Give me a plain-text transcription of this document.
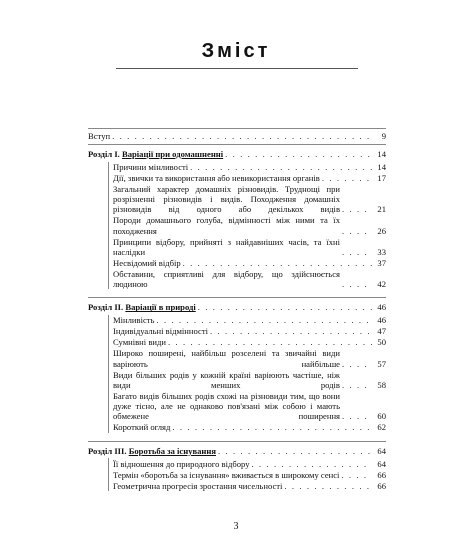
Зміст
Вступ . . .	9
Розділ I. Варіації при одомашненні . . .	14
Причини мінливості . . .	14
Дії, звички та використання або невикористання органів . . .	17
Загальний характер домашніх різновидів. Труднощі при розрізненні різновидів і видів. Походження домашніх різновидів від одного або декількох видів . . .	21
Породи домашнього голуба, відмінності між ними та їх походження . . .	26
Принципи відбору, прийняті з найдавніших часів, та їхні наслідки . . .	33
Несвідомий відбір . . .	37
Обставини, сприятливі для відбору, що здійснюється людиною . . .	42
Розділ II. Варіації в природі . . .	46
Мінливість . . .	46
Індивідуальні відмінності . . .	47
Сумнівні види . . .	50
Широко поширені, найбільш розселені та звичайні види варіюють найбільше . . .	57
Види більших родів у кожній країні варіюють частіше, ніж види менших родів . . .	58
Багато видів більших родів схожі на різновиди тим, що вони дуже тісно, але не однаково пов'язані між собою і мають обмежене поширення . . .	60
Короткий огляд . . .	62
Розділ III. Боротьба за існування . . .	64
Її відношення до природного відбору . . .	64
Термін «боротьба за існування» вживається в широкому сенсі . . .	66
Геометрична прогресія зростання чисельності . . .	66
3
